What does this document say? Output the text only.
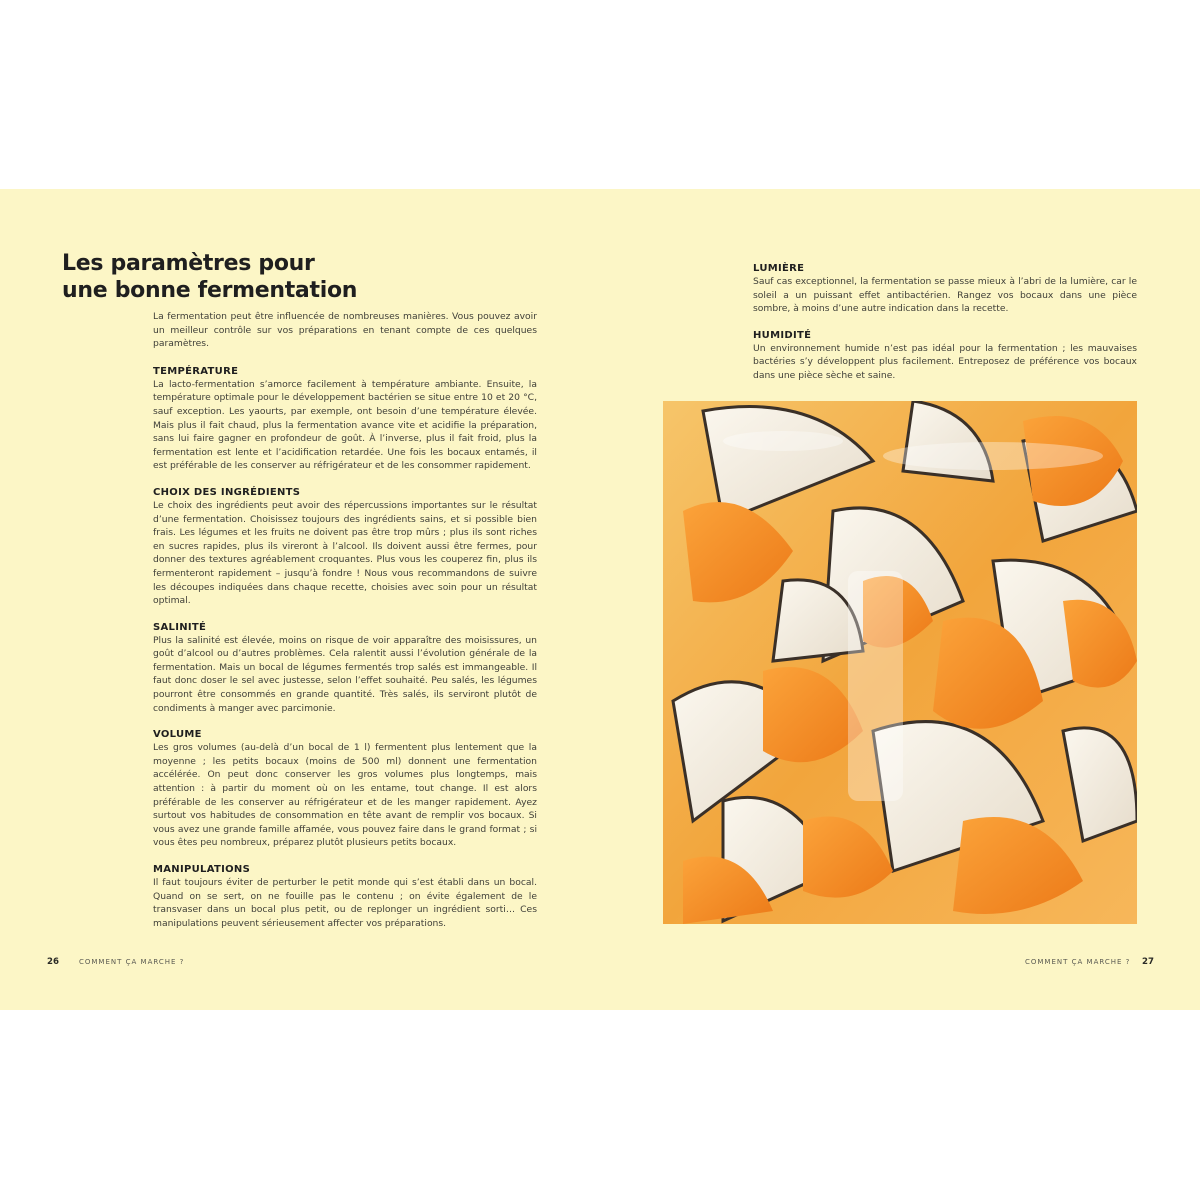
Les paramètres pour
une bonne fermentation

La fermentation peut être influencée de nombreuses manières. Vous pouvez avoir un meilleur contrôle sur vos préparations en tenant compte de ces quelques paramètres.

TEMPÉRATURE

La lacto-fermentation s’amorce facilement à température ambiante. Ensuite, la température optimale pour le développement bactérien se situe entre 10 et 20 °C, sauf exception. Les yaourts, par exemple, ont besoin d’une température élevée. Mais plus il fait chaud, plus la fermentation avance vite et acidifie la préparation, sans lui faire gagner en profondeur de goût. À l’inverse, plus il fait froid, plus la fermentation est lente et l’acidification retardée. Une fois les bocaux entamés, il est préférable de les conserver au réfrigérateur et de les consommer rapidement.

CHOIX DES INGRÉDIENTS

Le choix des ingrédients peut avoir des répercussions importantes sur le résultat d’une fermentation. Choisissez toujours des ingrédients sains, et si possible bien frais. Les légumes et les fruits ne doivent pas être trop mûrs ; plus ils sont riches en sucres rapides, plus ils vireront à l’alcool. Ils doivent aussi être fermes, pour donner des textures agréablement croquantes. Plus vous les couperez fin, plus ils fermenteront rapidement – jusqu’à fondre ! Nous vous recommandons de suivre les découpes indiquées dans chaque recette, choisies avec soin pour un résultat optimal.

SALINITÉ

Plus la salinité est élevée, moins on risque de voir apparaître des moisissures, un goût d’alcool ou d’autres problèmes. Cela ralentit aussi l’évolution générale de la fermentation. Mais un bocal de légumes fermentés trop salés est immangeable. Il faut donc doser le sel avec justesse, selon l’effet souhaité. Peu salés, les légumes pourront être consommés en grande quantité. Très salés, ils serviront plutôt de condiments à manger avec parcimonie.

VOLUME

Les gros volumes (au-delà d’un bocal de 1 l) fermentent plus lentement que la moyenne ; les petits bocaux (moins de 500 ml) donnent une fermentation accélérée. On peut donc conserver les gros volumes plus longtemps, mais attention : à partir du moment où on les entame, tout change. Il est alors préférable de les conserver au réfrigérateur et de les manger rapidement. Ayez surtout vos habitudes de consommation en tête avant de remplir vos bocaux. Si vous avez une grande famille affamée, vous pouvez faire dans le grand format ; si vous êtes peu nombreux, préparez plutôt plusieurs petits bocaux.

MANIPULATIONS

Il faut toujours éviter de perturber le petit monde qui s’est établi dans un bocal. Quand on se sert, on ne fouille pas le contenu ; on évite également de le transvaser dans un bocal plus petit, ou de replonger un ingrédient sorti… Ces manipulations peuvent sérieusement affecter vos préparations.

LUMIÈRE

Sauf cas exceptionnel, la fermentation se passe mieux à l’abri de la lumière, car le soleil a un puissant effet antibactérien. Rangez vos bocaux dans une pièce sombre, à moins d’une autre indication dans la recette.

HUMIDITÉ

Un environnement humide n’est pas idéal pour la fermentation ; les mauvaises bactéries s’y développent plus facilement. Entreposez de préférence vos bocaux dans une pièce sèche et saine.

26	COMMENT ÇA MARCHE ?	COMMENT ÇA MARCHE ? 27
